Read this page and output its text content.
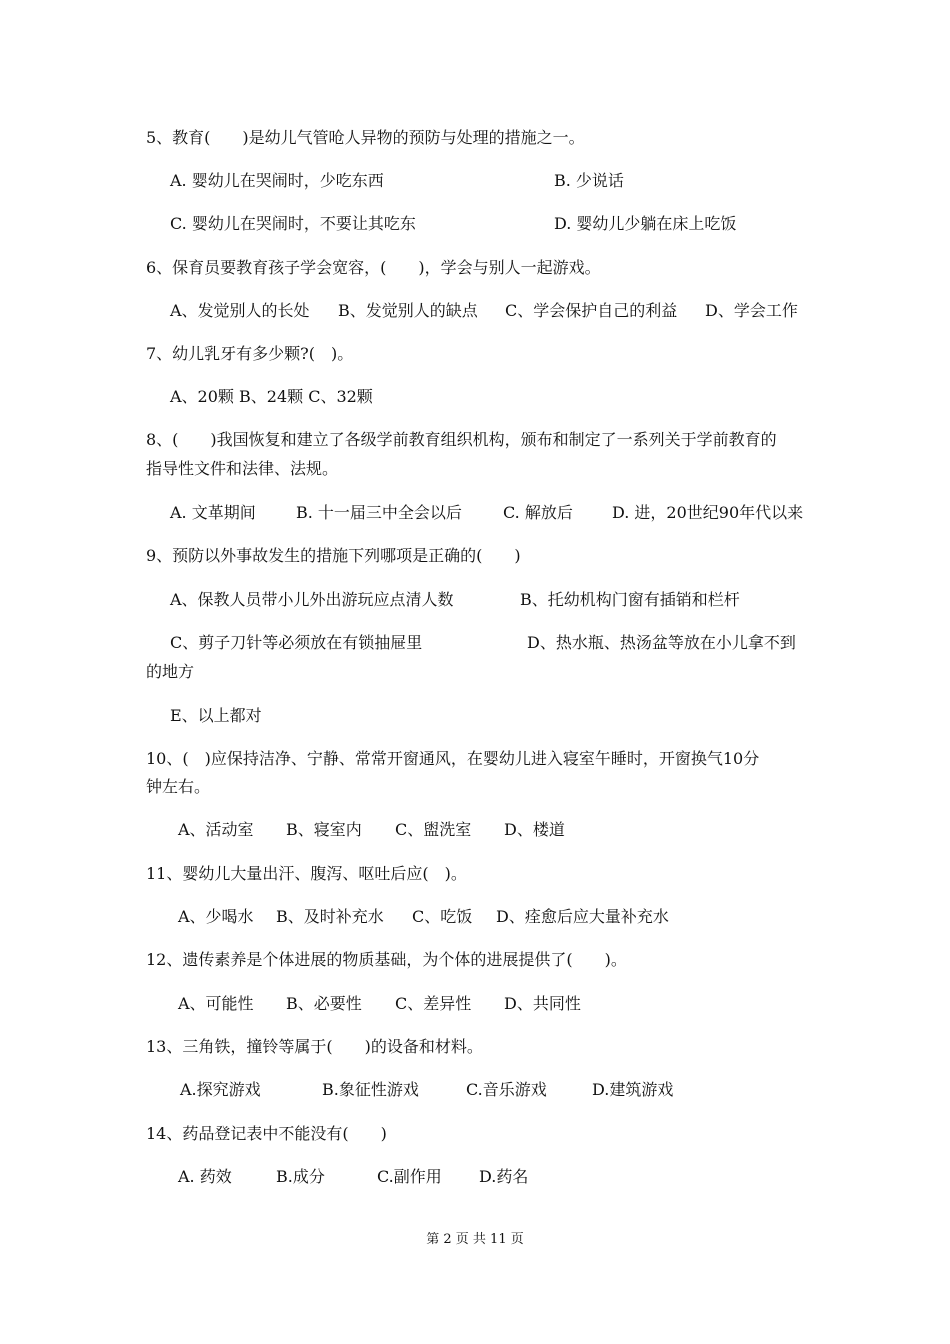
5、教育(　　)是幼儿气管呛人异物的预防与处理的措施之一。
A. 婴幼儿在哭闹时，少吃东西	B. 少说话
C. 婴幼儿在哭闹时，不要让其吃东	D. 婴幼儿少躺在床上吃饭
6、保育员要教育孩子学会宽容，(　　)，学会与别人一起游戏。
A、发觉别人的长处 B、发觉别人的缺点 C、学会保护自己的利益 D、学会工作
7、幼儿乳牙有多少颗?(　)。
A、20颗 B、24颗 C、32颗
8、(　　)我国恢复和建立了各级学前教育组织机构，颁布和制定了一系列关于学前教育的
指导性文件和法律、法规。
A. 文革期间	B. 十一届三中全会以后	C. 解放后 D. 进，20世纪90年代以来
9、预防以外事故发生的措施下列哪项是正确的(　　)
A、保教人员带小儿外出游玩应点清人数	B、托幼机构门窗有插销和栏杆
C、剪子刀针等必须放在有锁抽屉里	D、热水瓶、热汤盆等放在小儿拿不到
的地方
E、以上都对
10、(　)应保持洁净、宁静、常常开窗通风，在婴幼儿进入寝室午睡时，开窗换气10分
钟左右。
A、活动室 B、寝室内 C、盥洗室 D、楼道
11、婴幼儿大量出汗、腹泻、呕吐后应(　)。
A、少喝水 B、及时补充水 C、吃饭 D、痊愈后应大量补充水
12、遗传素养是个体进展的物质基础，为个体的进展提供了(　　)。
A、可能性 B、必要性 C、差异性 D、共同性
13、三角铁，撞铃等属于(　　)的设备和材料。
A.探究游戏	B.象征性游戏	C.音乐游戏	D.建筑游戏
14、药品登记表中不能没有(　　)
A. 药效	B.成分	C.副作用 D.药名
第 2 页 共 11 页
